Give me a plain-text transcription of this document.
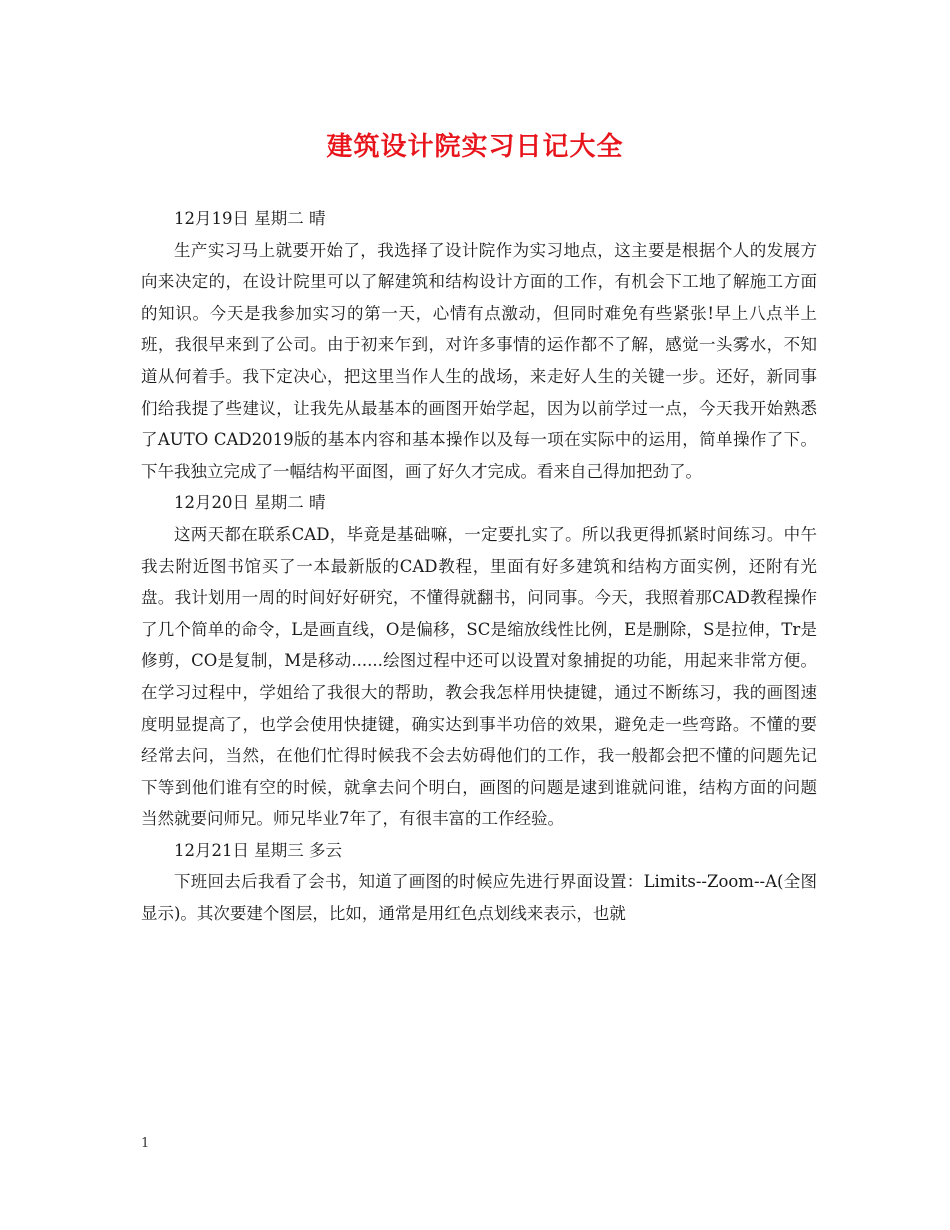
建筑设计院实习日记大全

12月19日 星期二 晴

生产实习马上就要开始了，我选择了设计院作为实习地点，这主要是根据个人的发展方向来决定的，在设计院里可以了解建筑和结构设计方面的工作，有机会下工地了解施工方面的知识。今天是我参加实习的第一天，心情有点激动，但同时难免有些紧张!早上八点半上班，我很早来到了公司。由于初来乍到，对许多事情的运作都不了解，感觉一头雾水，不知道从何着手。我下定决心，把这里当作人生的战场，来走好人生的关键一步。还好，新同事们给我提了些建议，让我先从最基本的画图开始学起，因为以前学过一点，今天我开始熟悉了AUTO CAD2019版的基本内容和基本操作以及每一项在实际中的运用，简单操作了下。下午我独立完成了一幅结构平面图，画了好久才完成。看来自己得加把劲了。

12月20日 星期二 晴

这两天都在联系CAD，毕竟是基础嘛，一定要扎实了。所以我更得抓紧时间练习。中午我去附近图书馆买了一本最新版的CAD教程，里面有好多建筑和结构方面实例，还附有光盘。我计划用一周的时间好好研究，不懂得就翻书，问同事。今天，我照着那CAD教程操作了几个简单的命令，L是画直线，O是偏移，SC是缩放线性比例，E是删除，S是拉伸，Tr是修剪，CO是复制，M是移动......绘图过程中还可以设置对象捕捉的功能，用起来非常方便。在学习过程中，学姐给了我很大的帮助，教会我怎样用快捷键，通过不断练习，我的画图速度明显提高了，也学会使用快捷键，确实达到事半功倍的效果，避免走一些弯路。不懂的要经常去问，当然，在他们忙得时候我不会去妨碍他们的工作，我一般都会把不懂的问题先记下等到他们谁有空的时候，就拿去问个明白，画图的问题是逮到谁就问谁，结构方面的问题当然就要问师兄。师兄毕业7年了，有很丰富的工作经验。

12月21日 星期三 多云

下班回去后我看了会书，知道了画图的时候应先进行界面设置：Limits--Zoom--A(全图显示)。其次要建个图层，比如，通常是用红色点划线来表示，也就

1
